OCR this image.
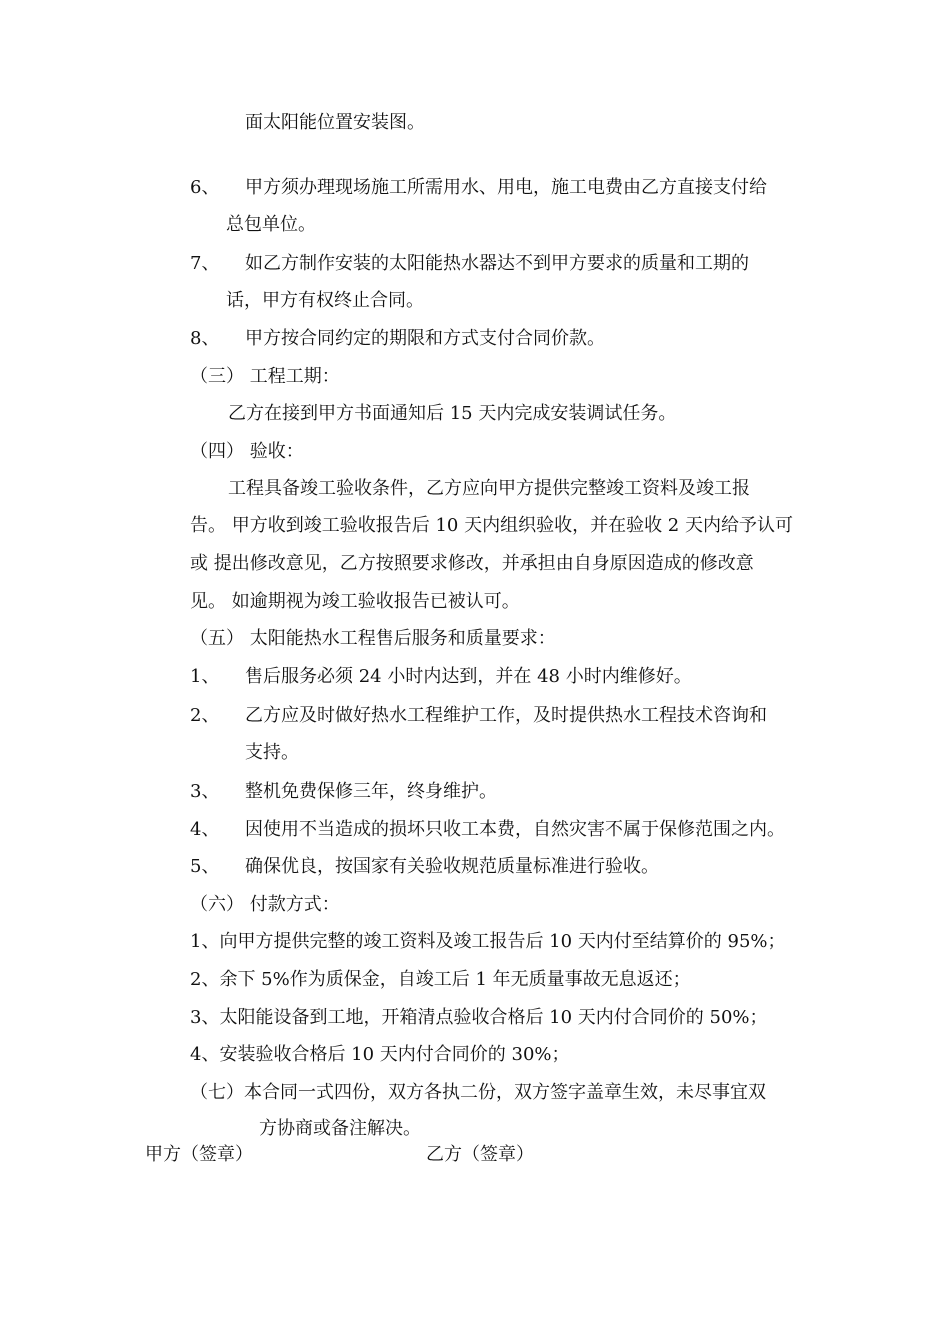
面太阳能位置安装图。
6、 甲方须办理现场施工所需用水、用电，施工电费由乙方直接支付给
总包单位。
7、 如乙方制作安装的太阳能热水器达不到甲方要求的质量和工期的
话，甲方有权终止合同。
8、 甲方按合同约定的期限和方式支付合同价款。
（三） 工程工期：
乙方在接到甲方书面通知后 15 天内完成安装调试任务。
（四） 验收：
工程具备竣工验收条件，乙方应向甲方提供完整竣工资料及竣工报
告。 甲方收到竣工验收报告后 10 天内组织验收，并在验收 2 天内给予认可
或 提出修改意见，乙方按照要求修改，并承担由自身原因造成的修改意
见。 如逾期视为竣工验收报告已被认可。
（五） 太阳能热水工程售后服务和质量要求：
1、 售后服务必须 24 小时内达到，并在 48 小时内维修好。
2、 乙方应及时做好热水工程维护工作，及时提供热水工程技术咨询和
支持。
3、 整机免费保修三年，终身维护。
4、 因使用不当造成的损坏只收工本费，自然灾害不属于保修范围之内。
5、 确保优良，按国家有关验收规范质量标准进行验收。
（六） 付款方式：
1、向甲方提供完整的竣工资料及竣工报告后 10 天内付至结算价的 95%；
2、余下 5%作为质保金，自竣工后 1 年无质量事故无息返还；
3、太阳能设备到工地，开箱清点验收合格后 10 天内付合同价的 50%；
4、安装验收合格后 10 天内付合同价的 30%；
（七）本合同一式四份，双方各执二份，双方签字盖章生效，未尽事宜双
方协商或备注解决。
甲方（签章）	乙方（签章）
